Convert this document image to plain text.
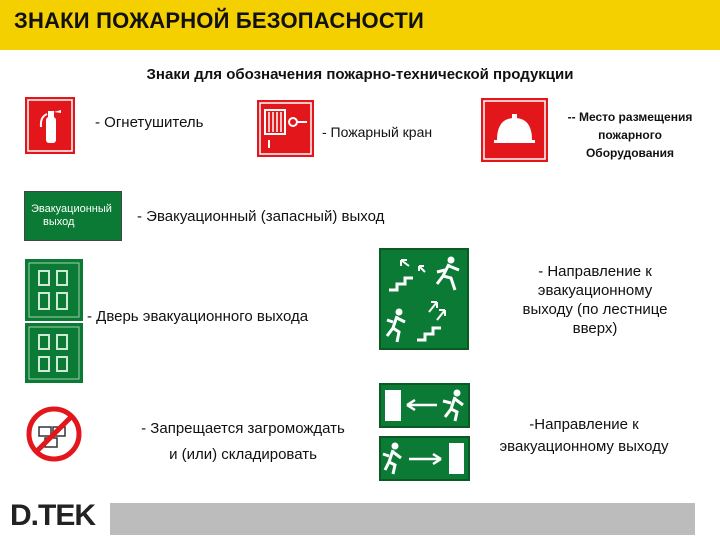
ЗНАКИ ПОЖАРНОЙ БЕЗОПАСНОСТИ
Знаки для обозначения пожарно-технической продукции
- Огнетушитель
- Пожарный кран
-- Место размещения
пожарного
Оборудования
Эвакуационный
выход	- Эвакуационный (запасный) выход
- Дверь эвакуационного выхода
- Направление к
эвакуационному
выходу (по лестнице
вверх)
- Запрещается загромождать
и (или) складировать
-Направление к
эвакуационному выходу
D.TEK
